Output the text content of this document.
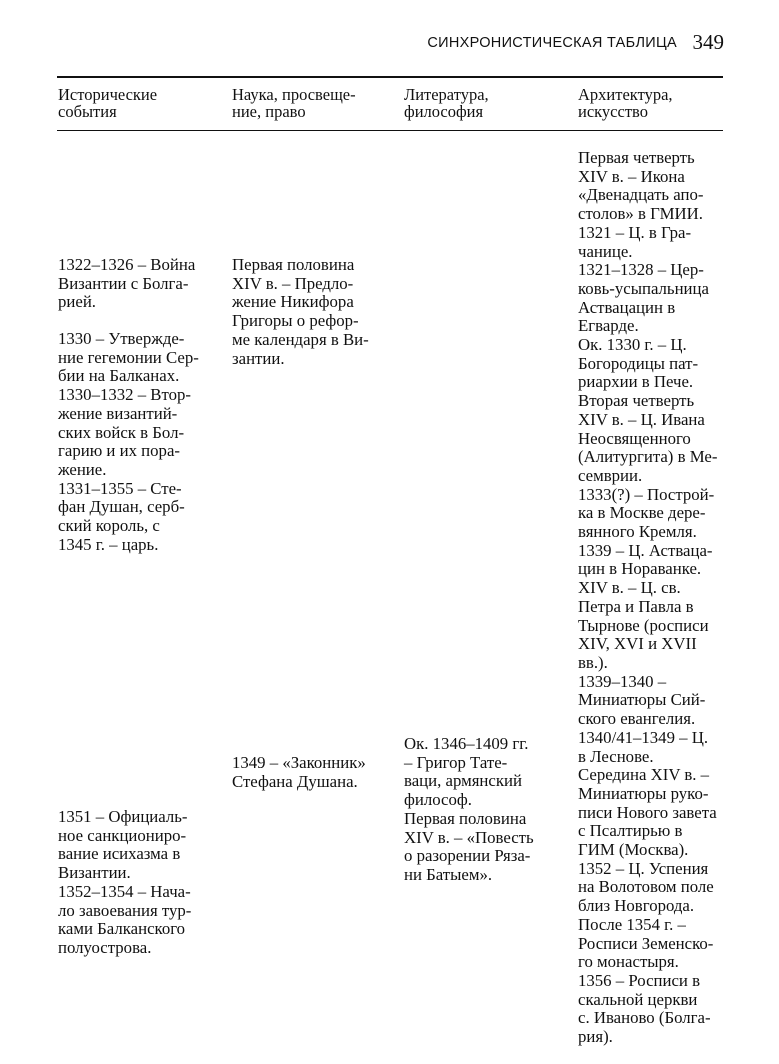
СИНХРОНИСТИЧЕСКАЯ ТАБЛИЦА 349
Исторические
события
Наука, просвеще-
ние, право
Литература,
философия
Архитектура,
искусство
1322–1326 – Война
Византии с Болга-
рией.
1330 – Утвержде-
ние гегемонии Сер-
бии на Балканах.
1330–1332 – Втор-
жение византий-
ских войск в Бол-
гарию и их пора-
жение.
1331–1355 – Сте-
фан Душан, серб-
ский король, с
1345 г. – царь.
1351 – Официаль-
ное санкциониро-
вание исихазма в
Византии.
1352–1354 – Нача-
ло завоевания тур-
ками Балканского
полуострова.
Первая половина
XIV в. – Предло-
жение Никифора
Григоры о рефор-
ме календаря в Ви-
зантии.
1349 – «Законник»
Стефана Душана.
Ок. 1346–1409 гг.
– Григор Тате-
ваци, армянский
философ.
Первая половина
XIV в. – «Повесть
о разорении Ряза-
ни Батыем».
Первая четверть
XIV в. – Икона
«Двенадцать апо-
столов» в ГМИИ.
1321 – Ц. в Гра-
чанице.
1321–1328 – Цер-
ковь-усыпальница
Аствацацин в
Егварде.
Ок. 1330 г. – Ц.
Богородицы пат-
риархии в Пече.
Вторая четверть
XIV в. – Ц. Ивана
Неосвященного
(Алитургита) в Ме-
семврии.
1333(?) – Построй-
ка в Москве дере-
вянного Кремля.
1339 – Ц. Астваца-
цин в Нораванке.
XIV в. – Ц. св.
Петра и Павла в
Тырнове (росписи
XIV, XVI и XVII
вв.).
1339–1340 –
Миниатюры Сий-
ского евангелия.
1340/41–1349 – Ц.
в Леснове.
Середина XIV в. –
Миниатюры руко-
писи Нового завета
с Псалтирью в
ГИМ (Москва).
1352 – Ц. Успения
на Волотовом поле
близ Новгорода.
После 1354 г. –
Росписи Земенско-
го монастыря.
1356 – Росписи в
скальной церкви
с. Иваново (Болга-
рия).
